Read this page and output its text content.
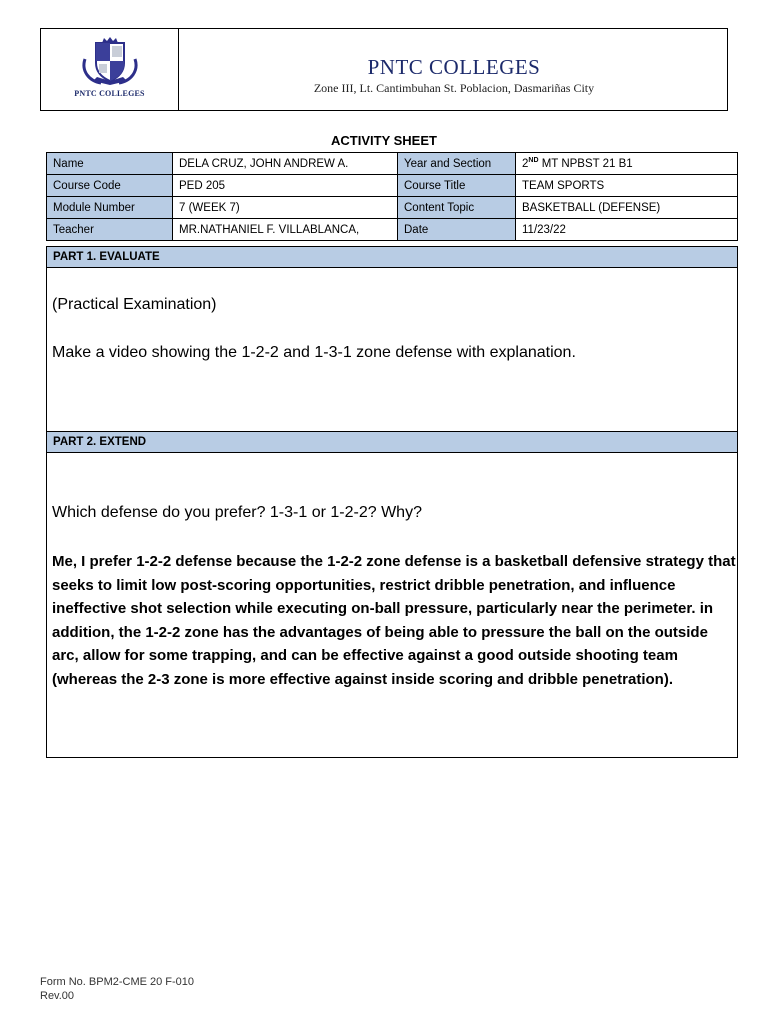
PNTC COLLEGES
PNTC COLLEGES
Zone III, Lt. Cantimbuhan St. Poblacion, Dasmariñas City
ACTIVITY SHEET
Name	DELA CRUZ, JOHN ANDREW A.	Year and Section	2ND MT NPBST 21 B1
Course Code	PED 205	Course Title	TEAM SPORTS
Module Number	7 (WEEK 7)	Content Topic	BASKETBALL (DEFENSE)
Teacher	MR.NATHANIEL F. VILLABLANCA,	Date	11/23/22
PART 1. EVALUATE
(Practical Examination)
Make a video showing the 1-2-2 and 1-3-1 zone defense with explanation.
PART 2. EXTEND
Which defense do you prefer? 1-3-1 or 1-2-2? Why?
Me, I prefer 1-2-2 defense because the 1-2-2 zone defense is a basketball defensive strategy that seeks to limit low post-scoring opportunities, restrict dribble penetration, and influence ineffective shot selection while executing on-ball pressure, particularly near the perimeter. in addition, the 1-2-2 zone has the advantages of being able to pressure the ball on the outside arc, allow for some trapping, and can be effective against a good outside shooting team (whereas the 2-3 zone is more effective against inside scoring and dribble penetration).
Form No. BPM2-CME 20 F-010
Rev.00
